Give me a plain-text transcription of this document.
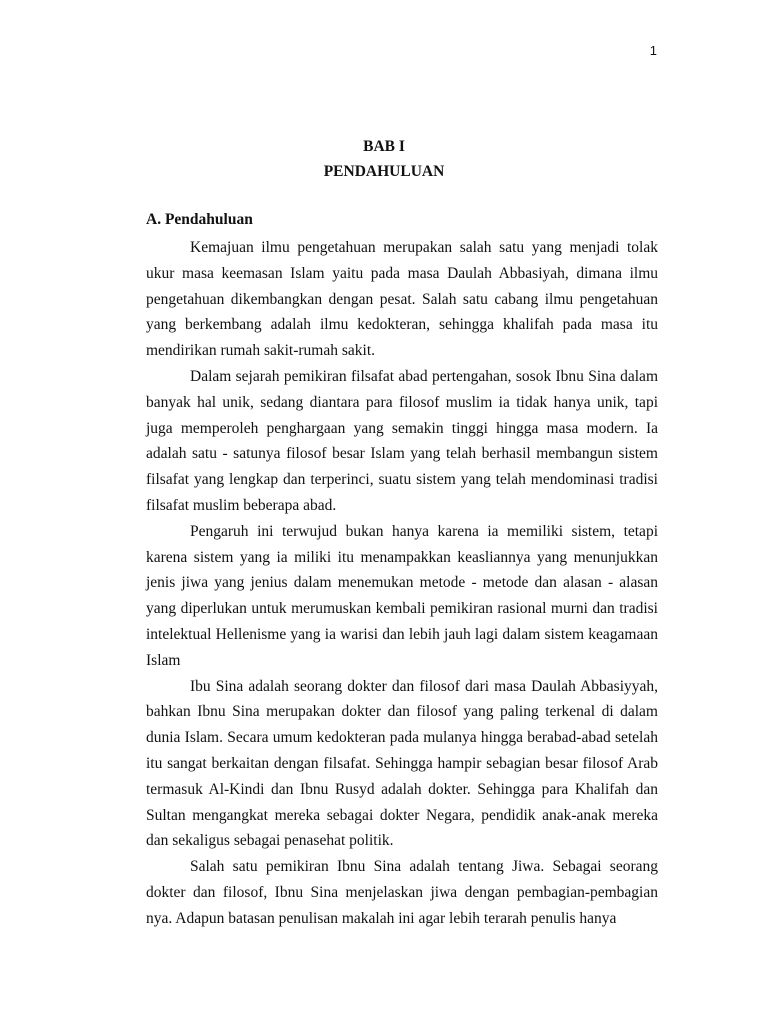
1
BAB I
PENDAHULUAN
A. Pendahuluan

Kemajuan ilmu pengetahuan merupakan salah satu yang menjadi tolak ukur masa keemasan Islam yaitu pada masa Daulah Abbasiyah, dimana ilmu pengetahuan dikembangkan dengan pesat. Salah satu cabang ilmu pengetahuan yang berkembang adalah ilmu kedokteran, sehingga khalifah pada masa itu mendirikan rumah sakit-rumah sakit.

Dalam sejarah pemikiran filsafat abad pertengahan, sosok Ibnu Sina dalam banyak hal unik, sedang diantara para filosof muslim ia tidak hanya unik, tapi juga memperoleh penghargaan yang semakin tinggi hingga masa modern. Ia adalah satu - satunya filosof besar Islam yang telah berhasil membangun sistem filsafat yang lengkap dan terperinci, suatu sistem yang telah mendominasi tradisi filsafat muslim beberapa abad.

Pengaruh ini terwujud bukan hanya karena ia memiliki sistem, tetapi karena sistem yang ia miliki itu menampakkan keasliannya yang menunjukkan jenis jiwa yang jenius dalam menemukan metode - metode dan alasan - alasan yang diperlukan untuk merumuskan kembali pemikiran rasional murni dan tradisi intelektual Hellenisme yang ia warisi dan lebih jauh lagi dalam sistem keagamaan Islam

Ibu Sina adalah seorang dokter dan filosof dari masa Daulah Abbasiyyah, bahkan Ibnu Sina merupakan dokter dan filosof yang paling terkenal di dalam dunia Islam. Secara umum kedokteran pada mulanya hingga berabad-abad setelah itu sangat berkaitan dengan filsafat. Sehingga hampir sebagian besar filosof Arab termasuk Al-Kindi dan Ibnu Rusyd adalah dokter. Sehingga para Khalifah dan Sultan mengangkat mereka sebagai dokter Negara, pendidik anak-anak mereka dan sekaligus sebagai penasehat politik.

Salah satu pemikiran Ibnu Sina adalah tentang Jiwa. Sebagai seorang dokter dan filosof, Ibnu Sina menjelaskan jiwa dengan pembagian-pembagian nya. Adapun batasan penulisan makalah ini agar lebih terarah penulis hanya
